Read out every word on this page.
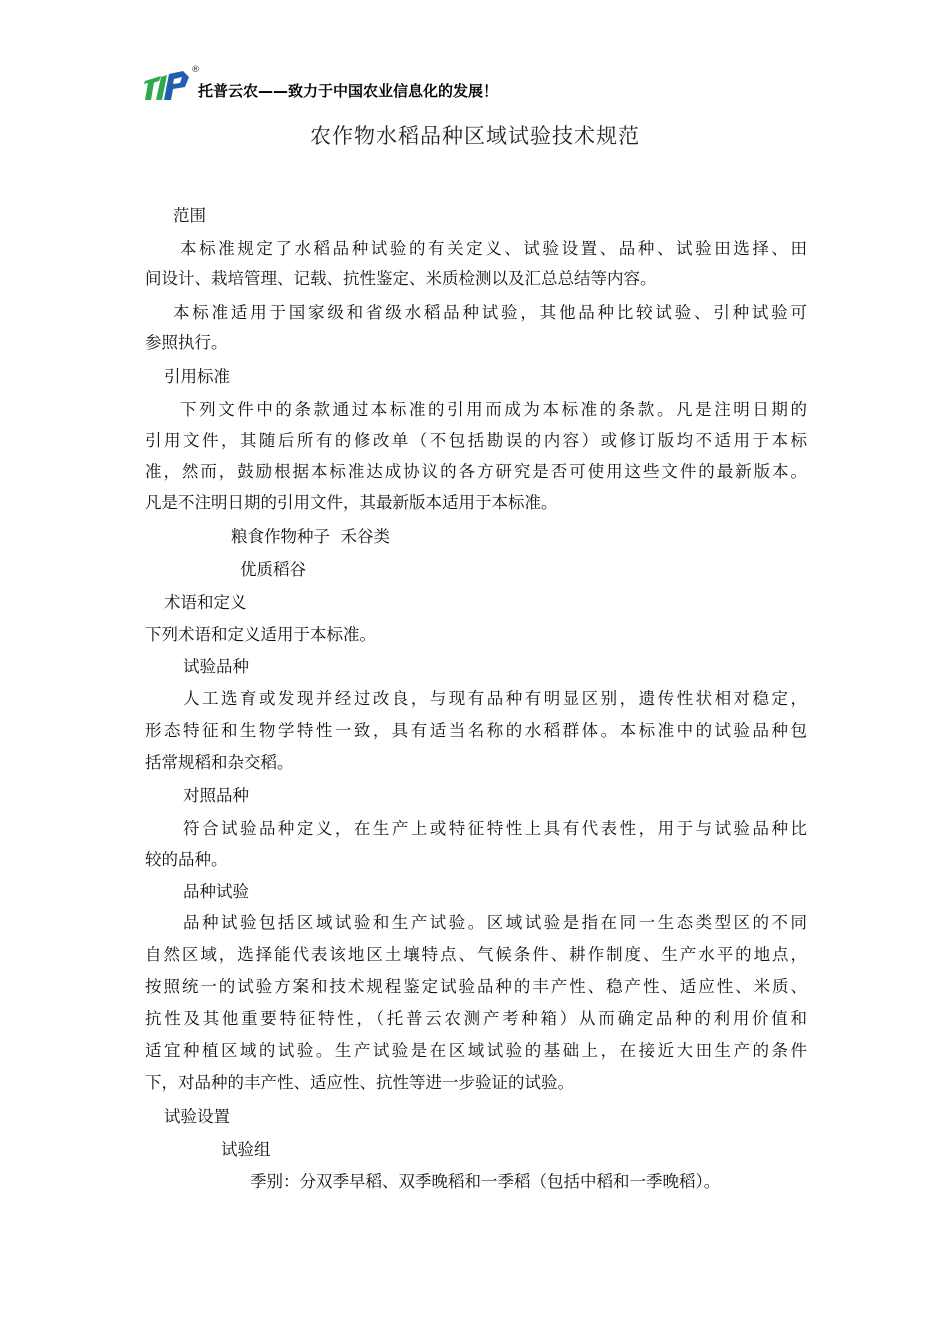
®
托普云农——致力于中国农业信息化的发展！
农作物水稻品种区域试验技术规范
范围
本标准规定了水稻品种试验的有关定义、试验设置、品种、试验田选择、田
间设计、栽培管理、记载、抗性鉴定、米质检测以及汇总总结等内容。
本标准适用于国家级和省级水稻品种试验，其他品种比较试验、引种试验可
参照执行。
引用标准
下列文件中的条款通过本标准的引用而成为本标准的条款。凡是注明日期的
引用文件，其随后所有的修改单（不包括勘误的内容）或修订版均不适用于本标
准，然而，鼓励根据本标准达成协议的各方研究是否可使用这些文件的最新版本。
凡是不注明日期的引用文件，其最新版本适用于本标准。
粮食作物种子  禾谷类
优质稻谷
术语和定义
下列术语和定义适用于本标准。
试验品种
人工选育或发现并经过改良，与现有品种有明显区别，遗传性状相对稳定，
形态特征和生物学特性一致，具有适当名称的水稻群体。本标准中的试验品种包
括常规稻和杂交稻。
对照品种
符合试验品种定义，在生产上或特征特性上具有代表性，用于与试验品种比
较的品种。
品种试验
品种试验包括区域试验和生产试验。区域试验是指在同一生态类型区的不同
自然区域，选择能代表该地区土壤特点、气候条件、耕作制度、生产水平的地点，
按照统一的试验方案和技术规程鉴定试验品种的丰产性、稳产性、适应性、米质、
抗性及其他重要特征特性，（托普云农测产考种箱）从而确定品种的利用价值和
适宜种植区域的试验。生产试验是在区域试验的基础上，在接近大田生产的条件
下，对品种的丰产性、适应性、抗性等进一步验证的试验。
试验设置
试验组
季别：分双季早稻、双季晚稻和一季稻（包括中稻和一季晚稻）。
